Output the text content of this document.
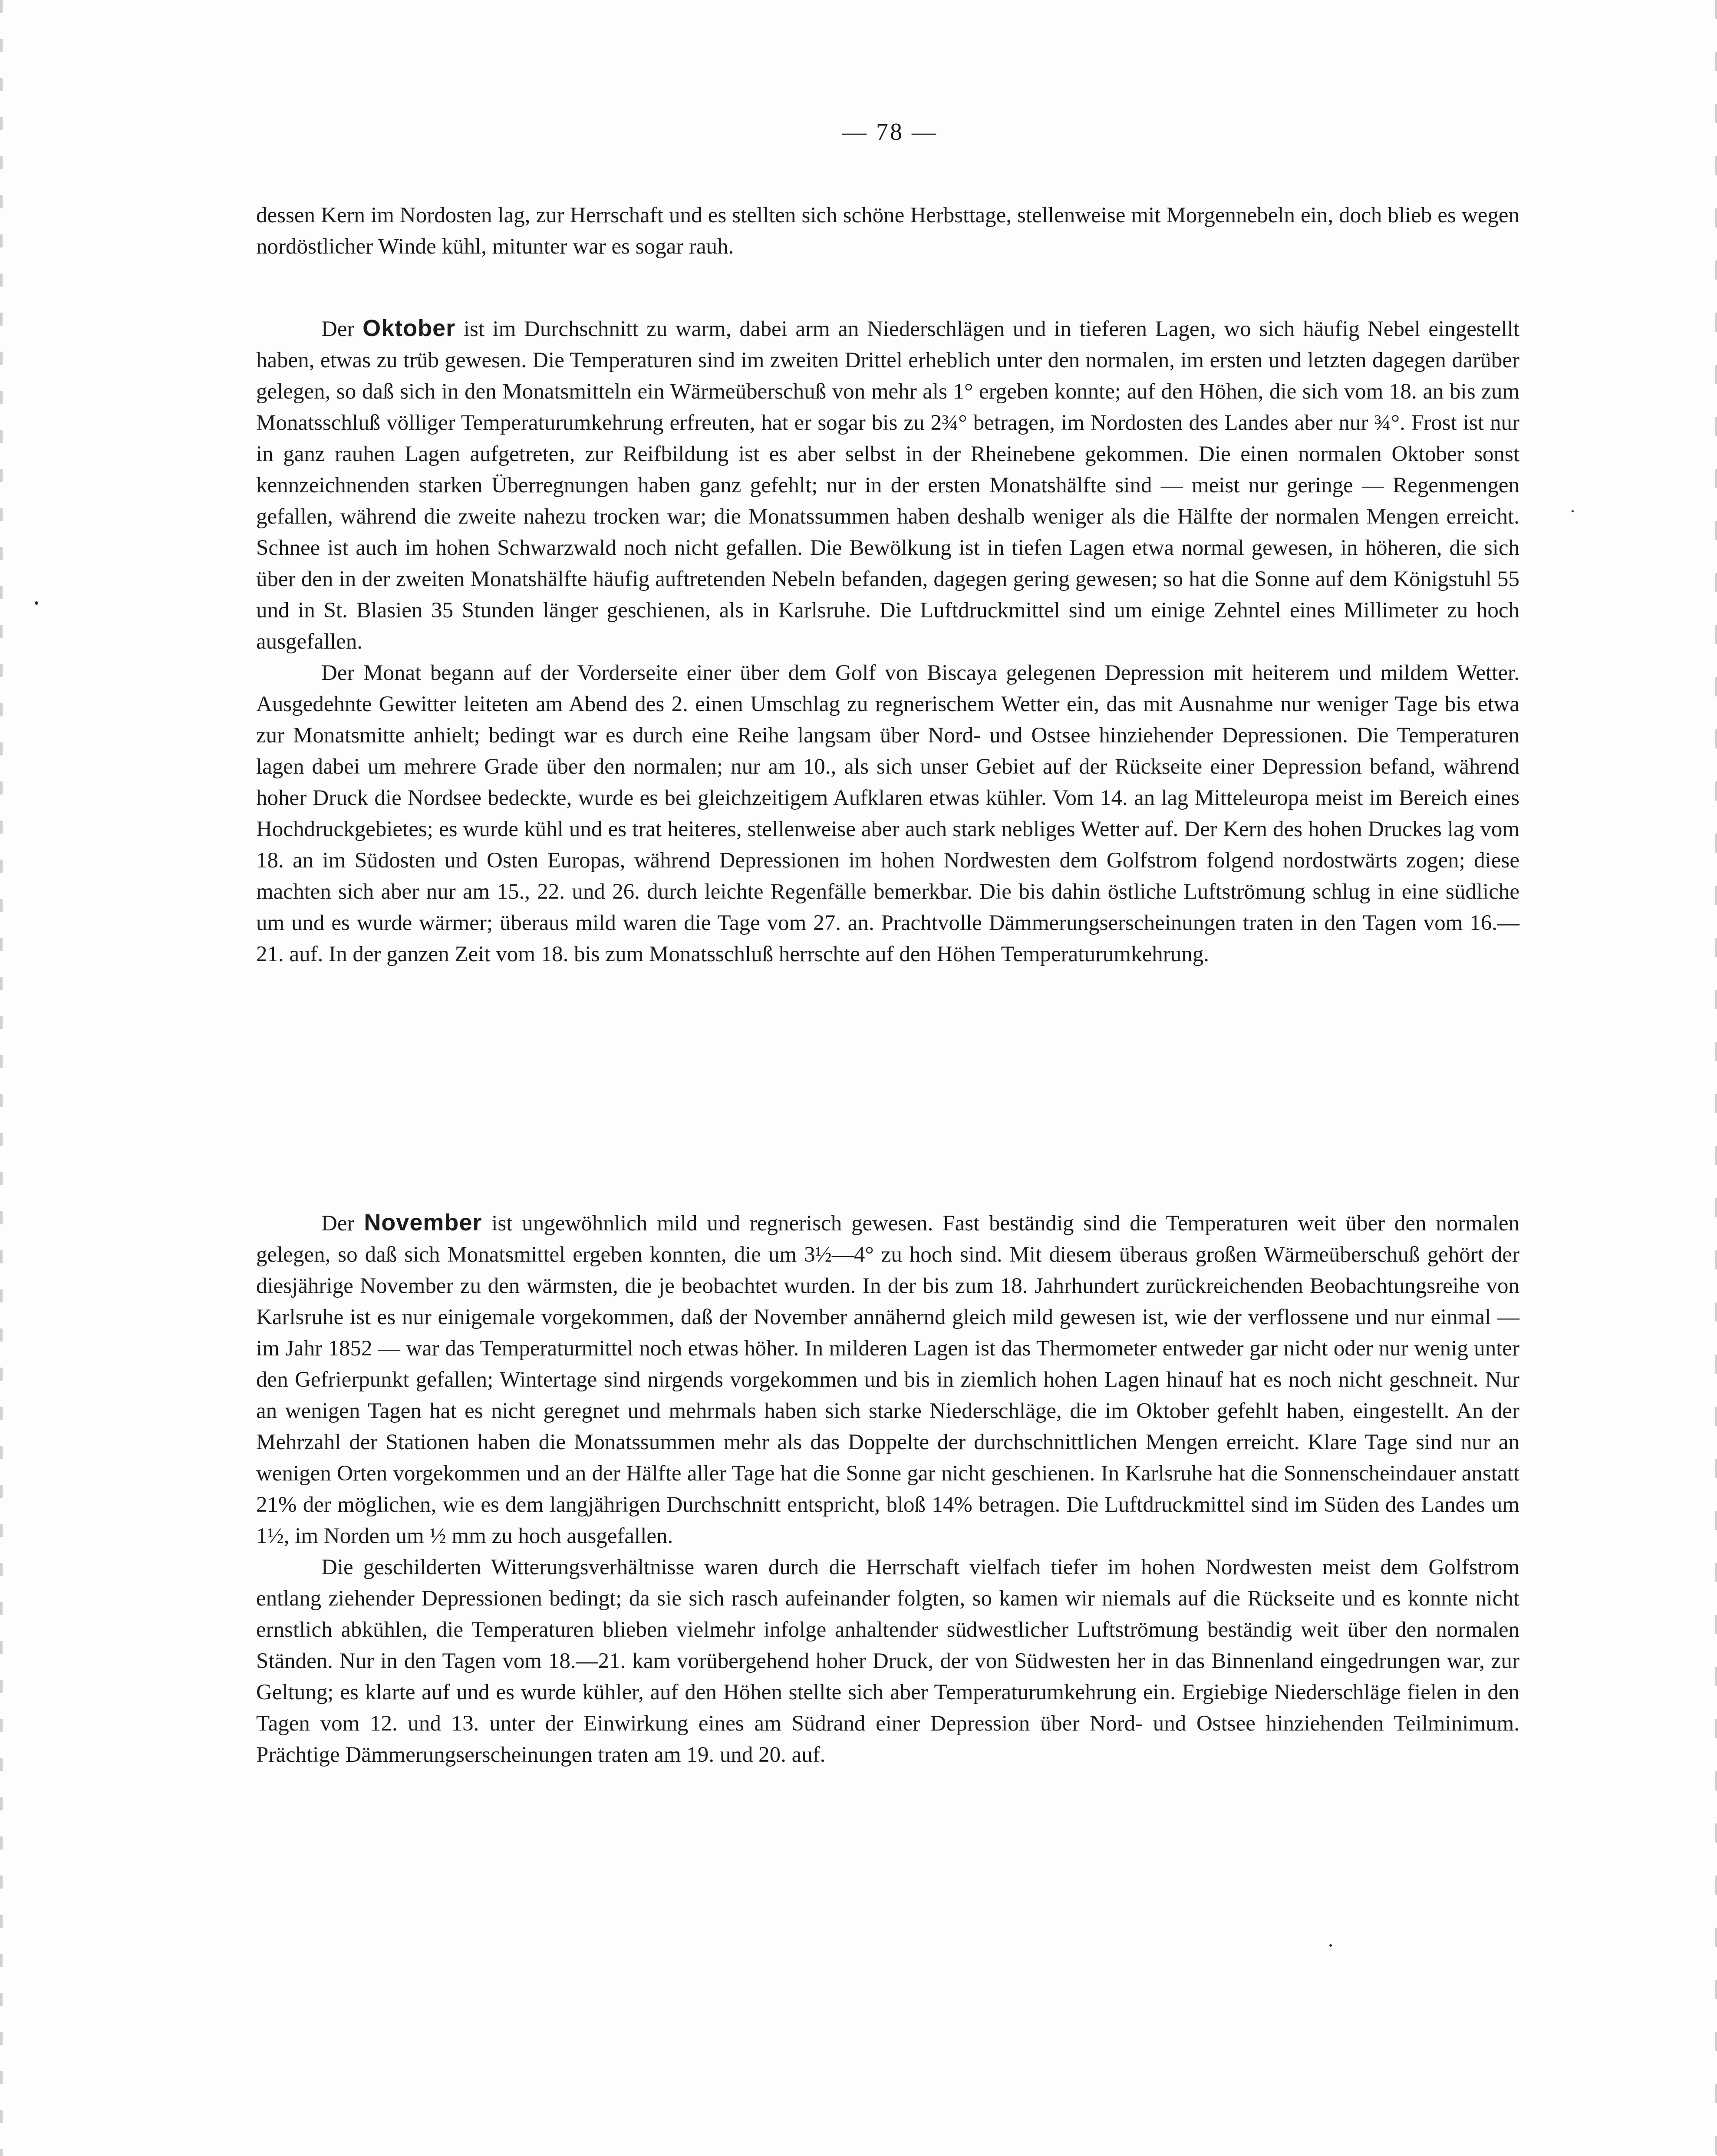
— 78 —

dessen Kern im Nordosten lag, zur Herrschaft und es stellten sich schöne Herbsttage, stellenweise mit Morgennebeln ein, doch blieb es wegen nordöstlicher Winde kühl, mitunter war es sogar rauh.

Der Oktober ist im Durchschnitt zu warm, dabei arm an Niederschlägen und in tieferen Lagen, wo sich häufig Nebel eingestellt haben, etwas zu trüb gewesen. Die Temperaturen sind im zweiten Drittel erheblich unter den normalen, im ersten und letzten dagegen darüber gelegen, so daß sich in den Monatsmitteln ein Wärmeüberschuß von mehr als 1° ergeben konnte; auf den Höhen, die sich vom 18. an bis zum Monatsschluß völliger Temperaturumkehrung erfreuten, hat er sogar bis zu 2¾° betragen, im Nordosten des Landes aber nur ¾°. Frost ist nur in ganz rauhen Lagen aufgetreten, zur Reifbildung ist es aber selbst in der Rheinebene gekommen. Die einen normalen Oktober sonst kennzeichnenden starken Überregnungen haben ganz gefehlt; nur in der ersten Monatshälfte sind — meist nur geringe — Regenmengen gefallen, während die zweite nahezu trocken war; die Monatssummen haben deshalb weniger als die Hälfte der normalen Mengen erreicht. Schnee ist auch im hohen Schwarzwald noch nicht gefallen. Die Bewölkung ist in tiefen Lagen etwa normal gewesen, in höheren, die sich über den in der zweiten Monatshälfte häufig auftretenden Nebeln befanden, dagegen gering gewesen; so hat die Sonne auf dem Königstuhl 55 und in St. Blasien 35 Stunden länger geschienen, als in Karlsruhe. Die Luftdruckmittel sind um einige Zehntel eines Millimeter zu hoch ausgefallen.

Der Monat begann auf der Vorderseite einer über dem Golf von Biscaya gelegenen Depression mit heiterem und mildem Wetter. Ausgedehnte Gewitter leiteten am Abend des 2. einen Umschlag zu regnerischem Wetter ein, das mit Ausnahme nur weniger Tage bis etwa zur Monatsmitte anhielt; bedingt war es durch eine Reihe langsam über Nord- und Ostsee hinziehender Depressionen. Die Temperaturen lagen dabei um mehrere Grade über den normalen; nur am 10., als sich unser Gebiet auf der Rückseite einer Depression befand, während hoher Druck die Nordsee bedeckte, wurde es bei gleichzeitigem Aufklaren etwas kühler. Vom 14. an lag Mitteleuropa meist im Bereich eines Hochdruckgebietes; es wurde kühl und es trat heiteres, stellenweise aber auch stark nebliges Wetter auf. Der Kern des hohen Druckes lag vom 18. an im Südosten und Osten Europas, während Depressionen im hohen Nordwesten dem Golfstrom folgend nordostwärts zogen; diese machten sich aber nur am 15., 22. und 26. durch leichte Regenfälle bemerkbar. Die bis dahin östliche Luftströmung schlug in eine südliche um und es wurde wärmer; überaus mild waren die Tage vom 27. an. Prachtvolle Dämmerungserscheinungen traten in den Tagen vom 16.—21. auf. In der ganzen Zeit vom 18. bis zum Monatsschluß herrschte auf den Höhen Temperaturumkehrung.

Der November ist ungewöhnlich mild und regnerisch gewesen. Fast beständig sind die Temperaturen weit über den normalen gelegen, so daß sich Monatsmittel ergeben konnten, die um 3½—4° zu hoch sind. Mit diesem überaus großen Wärmeüberschuß gehört der diesjährige November zu den wärmsten, die je beobachtet wurden. In der bis zum 18. Jahrhundert zurückreichenden Beobachtungsreihe von Karlsruhe ist es nur einigemale vorgekommen, daß der November annähernd gleich mild gewesen ist, wie der verflossene und nur einmal — im Jahr 1852 — war das Temperaturmittel noch etwas höher. In milderen Lagen ist das Thermometer entweder gar nicht oder nur wenig unter den Gefrierpunkt gefallen; Wintertage sind nirgends vorgekommen und bis in ziemlich hohen Lagen hinauf hat es noch nicht geschneit. Nur an wenigen Tagen hat es nicht geregnet und mehrmals haben sich starke Niederschläge, die im Oktober gefehlt haben, eingestellt. An der Mehrzahl der Stationen haben die Monatssummen mehr als das Doppelte der durchschnittlichen Mengen erreicht. Klare Tage sind nur an wenigen Orten vorgekommen und an der Hälfte aller Tage hat die Sonne gar nicht geschienen. In Karlsruhe hat die Sonnenscheindauer anstatt 21% der möglichen, wie es dem langjährigen Durchschnitt entspricht, bloß 14% betragen. Die Luftdruckmittel sind im Süden des Landes um 1½, im Norden um ½ mm zu hoch ausgefallen.

Die geschilderten Witterungsverhältnisse waren durch die Herrschaft vielfach tiefer im hohen Nordwesten meist dem Golfstrom entlang ziehender Depressionen bedingt; da sie sich rasch aufeinander folgten, so kamen wir niemals auf die Rückseite und es konnte nicht ernstlich abkühlen, die Temperaturen blieben vielmehr infolge anhaltender südwestlicher Luftströmung beständig weit über den normalen Ständen. Nur in den Tagen vom 18.—21. kam vorübergehend hoher Druck, der von Südwesten her in das Binnenland eingedrungen war, zur Geltung; es klarte auf und es wurde kühler, auf den Höhen stellte sich aber Temperaturumkehrung ein. Ergiebige Niederschläge fielen in den Tagen vom 12. und 13. unter der Einwirkung eines am Südrand einer Depression über Nord- und Ostsee hinziehenden Teilminimum. Prächtige Dämmerungserscheinungen traten am 19. und 20. auf.
